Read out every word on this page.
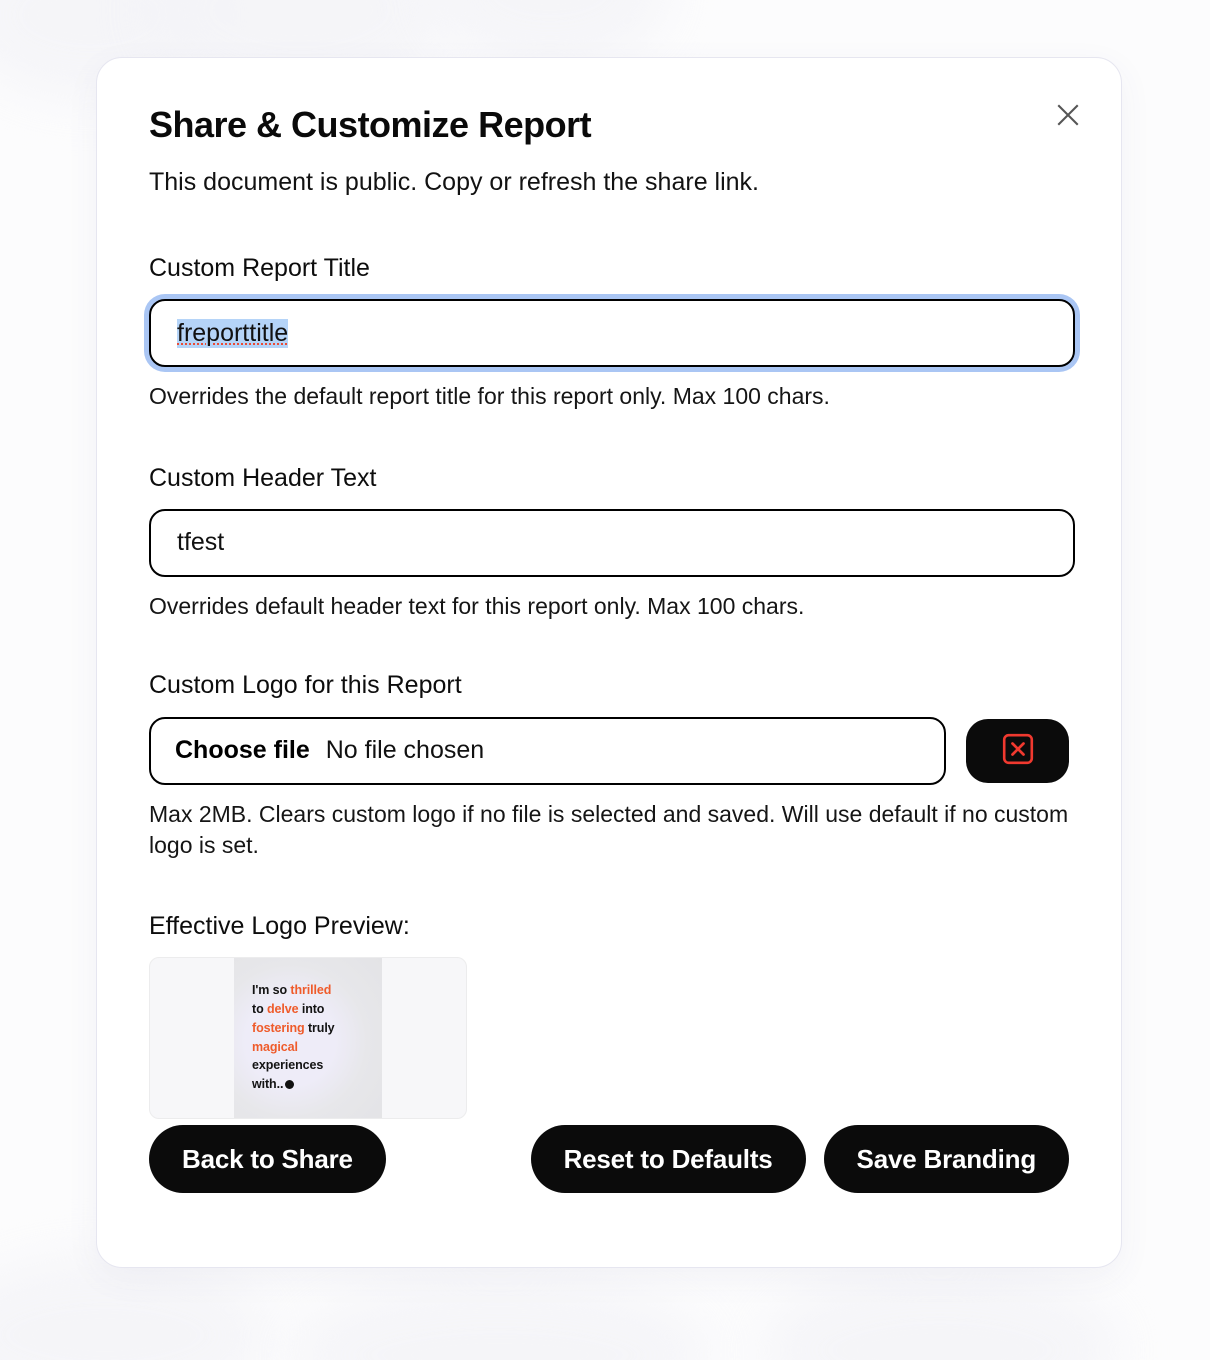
Share & Customize Report

This document is public. Copy or refresh the share link.

Custom Report Title
freporttitle
Overrides the default report title for this report only. Max 100 chars.
Custom Header Text
tfest
Overrides default header text for this report only. Max 100 chars.
Custom Logo for this Report
Choose file No file chosen
Max 2MB. Clears custom logo if no file is selected and saved. Will use default if no custom logo is set.
Effective Logo Preview:
I'm so thrilled
to delve into
fostering truly
magical
experiences
with..
Back to Share	Reset to Defaults	Save Branding
